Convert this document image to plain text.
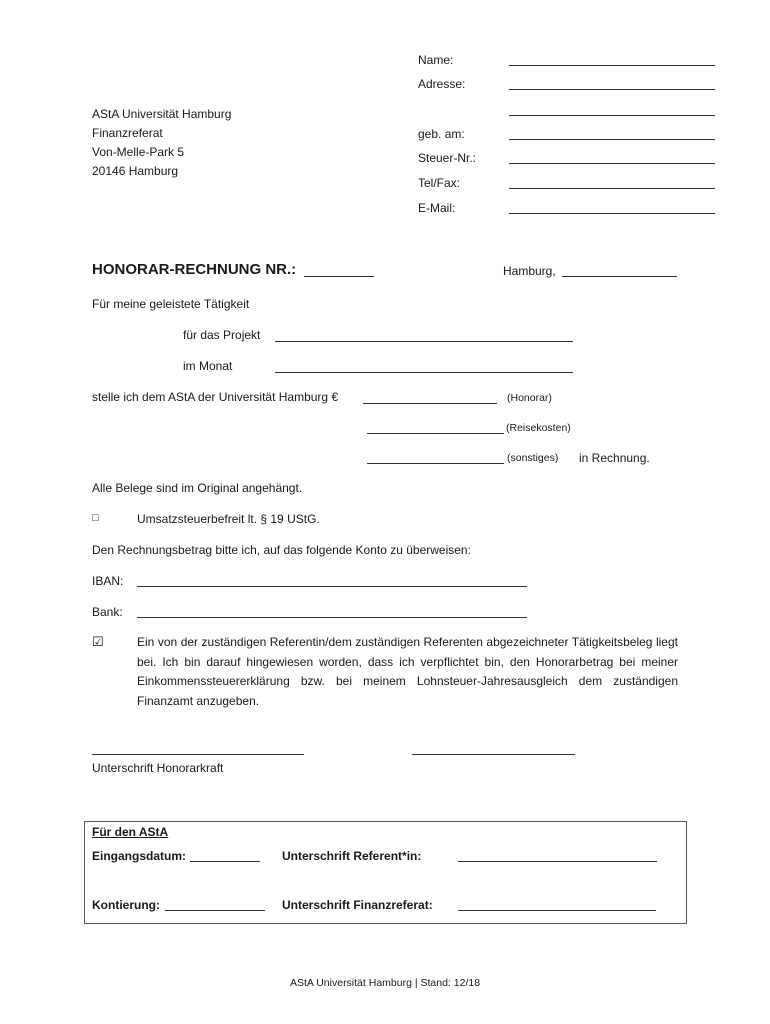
Name:
Adresse:
geb. am:
Steuer-Nr.:
Tel/Fax:
E-Mail:
AStA Universität Hamburg
Finanzreferat
Von-Melle-Park 5
20146 Hamburg
HONORAR-RECHNUNG NR.:	Hamburg,
Für meine geleistete Tätigkeit
für das Projekt
im Monat
stelle ich dem AStA der Universität Hamburg €	(Honorar)
(Reisekosten)
(sonstiges) in Rechnung.
Alle Belege sind im Original angehängt.
□	Umsatzsteuerbefreit lt. § 19 UStG.
Den Rechnungsbetrag bitte ich, auf das folgende Konto zu überweisen:
IBAN:
Bank:
☑	Ein von der zuständigen Referentin/dem zuständigen Referenten abgezeichneter Tätigkeitsbeleg liegt bei. Ich bin darauf hingewiesen worden, dass ich verpflichtet bin, den Honorarbetrag bei meiner Einkommenssteuererklärung bzw. bei meinem Lohnsteuer-Jahresausgleich dem zuständigen Finanzamt anzugeben.
Unterschrift Honorarkraft
Für den AStA
Eingangsdatum:	Unterschrift Referent*in:
Kontierung:	Unterschrift Finanzreferat:
AStA Universität Hamburg | Stand: 12/18
